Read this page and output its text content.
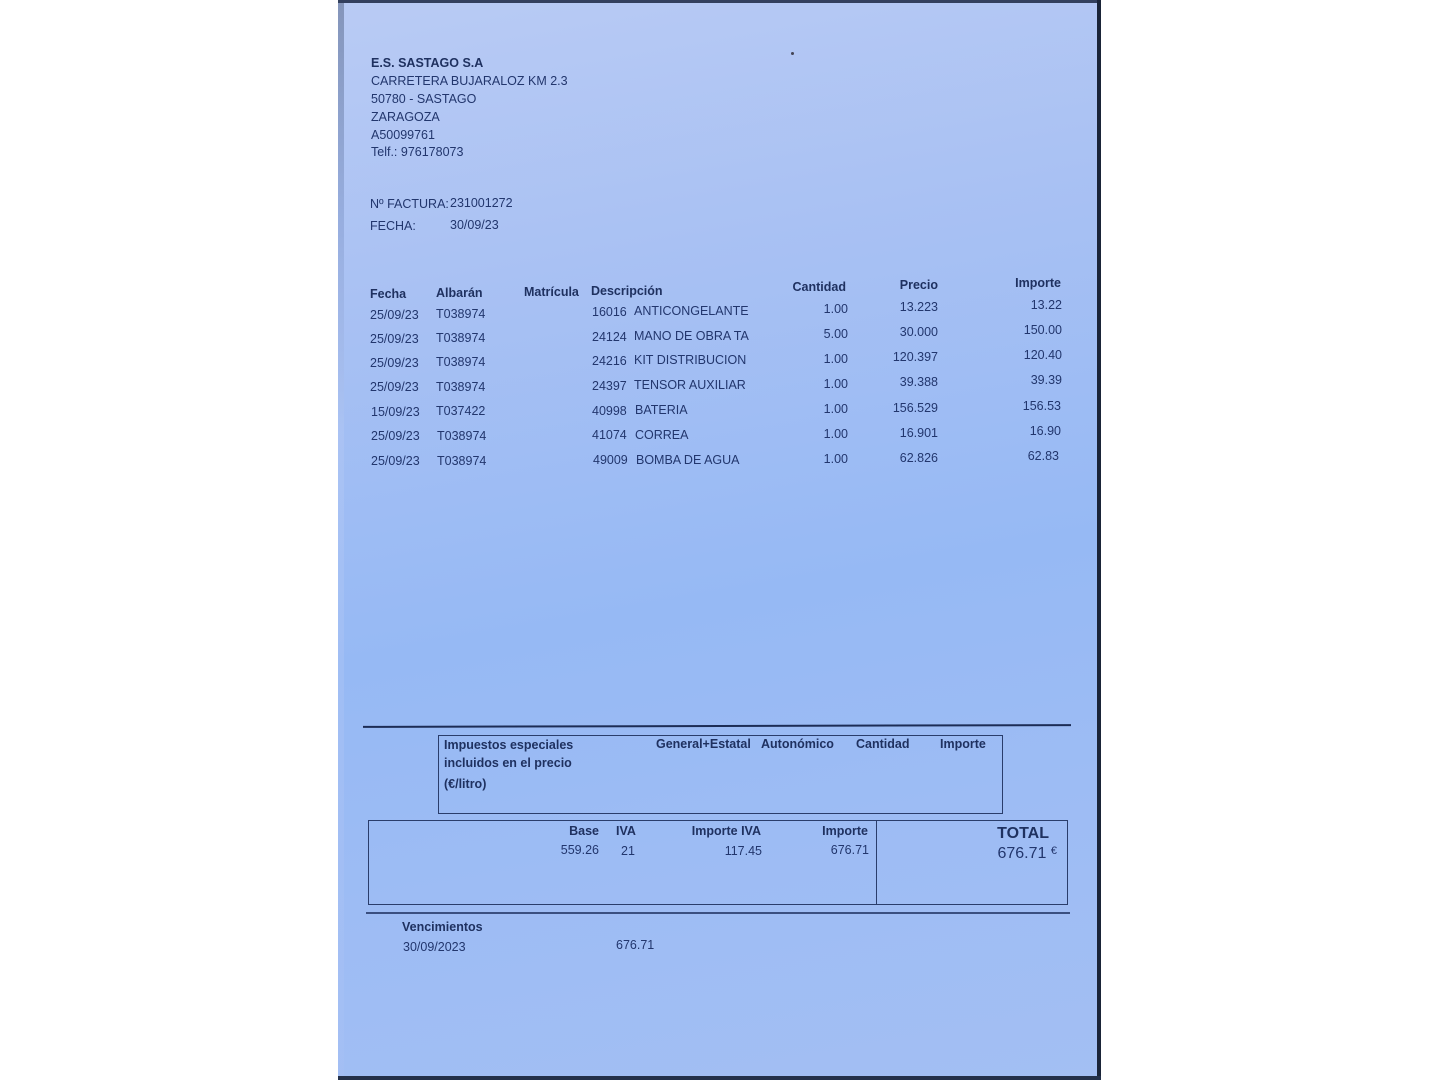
E.S. SASTAGO S.A
CARRETERA BUJARALOZ KM 2.3
50780 - SASTAGO
ZARAGOZA
A50099761
Telf.: 976178073
Nº FACTURA: 231001272
FECHA:	30/09/23
Fecha Albarán	Matrícula Descripción	Cantidad	Precio	Importe
25/09/23 T038974	16016 ANTICONGELANTE	1.00	13.223	13.22
25/09/23 T038974	24124 MANO DE OBRA TA	5.00	30.000	150.00
25/09/23 T038974	24216 KIT DISTRIBUCION	1.00	120.397	120.40
25/09/23 T038974	24397 TENSOR AUXILIAR	1.00	39.388	39.39
15/09/23 T037422	40998 BATERIA	1.00	156.529	156.53
25/09/23 T038974	41074 CORREA	1.00	16.901	16.90
25/09/23 T038974	49009 BOMBA DE AGUA	1.00	62.826	62.83
Impuestos especiales
incluidos en el precio
(€/litro)
General+Estatal Autonómico Cantidad Importe
Base IVA	Importe IVA	Importe
559.26 21	117.45	676.71
TOTAL
676.71 €
Vencimientos
30/09/2023	676.71
